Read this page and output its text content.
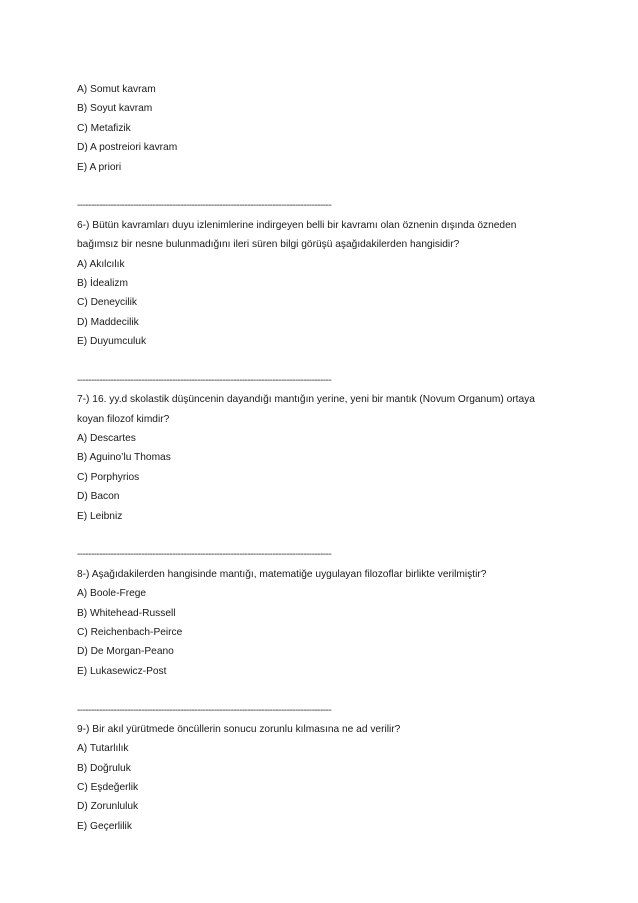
A) Somut kavram
B) Soyut kavram
C) Metafizik
D) A postreiori kavram
E) A priori
-------------------------------------------------------------------------------------------
6-) Bütün kavramları duyu izlenimlerine indirgeyen belli bir kavramı olan öznenin dışında özneden
bağımsız bir nesne bulunmadığını ileri süren bilgi görüşü aşağıdakilerden hangisidir?
A) Akılcılık
B) İdealizm
C) Deneycilik
D) Maddecilik
E) Duyumculuk
-------------------------------------------------------------------------------------------
7-) 16. yy.d skolastik düşüncenin dayandığı mantığın yerine, yeni bir mantık (Novum Organum) ortaya
koyan filozof kimdir?
A) Descartes
B) Aguino’lu Thomas
C) Porphyrios
D) Bacon
E) Leibniz
-------------------------------------------------------------------------------------------
8-) Aşağıdakilerden hangisinde mantığı, matematiğe uygulayan filozoflar birlikte verilmiştir?
A) Boole-Frege
B) Whitehead-Russell
C) Reichenbach-Peirce
D) De Morgan-Peano
E) Lukasewicz-Post
-------------------------------------------------------------------------------------------
9-) Bir akıl yürütmede öncüllerin sonucu zorunlu kılmasına ne ad verilir?
A) Tutarlılık
B) Doğruluk
C) Eşdeğerlik
D) Zorunluluk
E) Geçerlilik
